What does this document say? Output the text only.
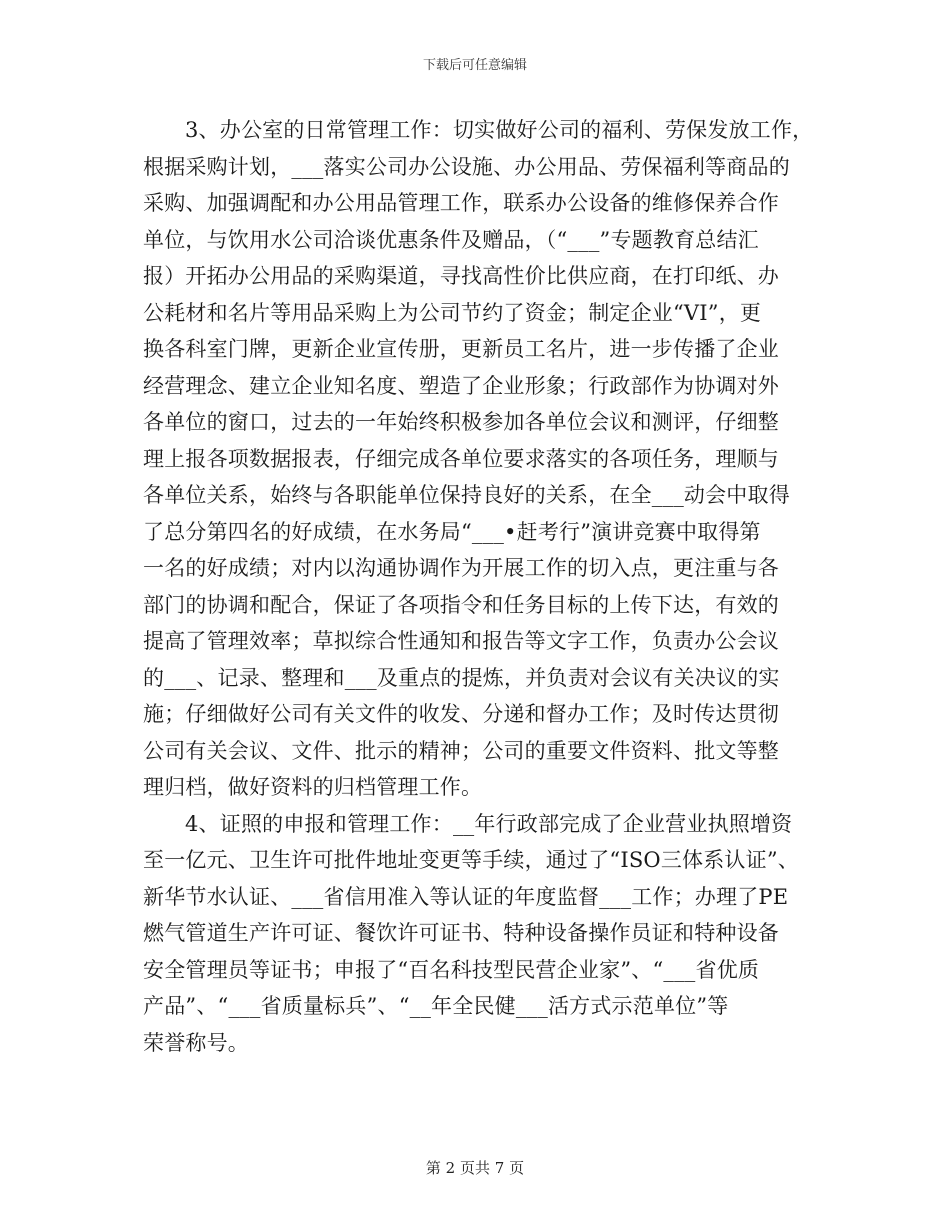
下载后可任意编辑
3、办公室的日常管理工作：切实做好公司的福利、劳保发放工作，
根据采购计划，___落实公司办公设施、办公用品、劳保福利等商品的
采购、加强调配和办公用品管理工作，联系办公设备的维修保养合作
单位，与饮用水公司洽谈优惠条件及赠品，（“___”专题教育总结汇
报）开拓办公用品的采购渠道，寻找高性价比供应商，在打印纸、办
公耗材和名片等用品采购上为公司节约了资金；制定企业“VI”，更
换各科室门牌，更新企业宣传册，更新员工名片，进一步传播了企业
经营理念、建立企业知名度、塑造了企业形象；行政部作为协调对外
各单位的窗口，过去的一年始终积极参加各单位会议和测评，仔细整
理上报各项数据报表，仔细完成各单位要求落实的各项任务，理顺与
各单位关系，始终与各职能单位保持良好的关系，在全___动会中取得
了总分第四名的好成绩，在水务局“___•赶考行”演讲竞赛中取得第
一名的好成绩；对内以沟通协调作为开展工作的切入点，更注重与各
部门的协调和配合，保证了各项指令和任务目标的上传下达，有效的
提高了管理效率；草拟综合性通知和报告等文字工作，负责办公会议
的___、记录、整理和___及重点的提炼，并负责对会议有关决议的实
施；仔细做好公司有关文件的收发、分递和督办工作；及时传达贯彻
公司有关会议、文件、批示的精神；公司的重要文件资料、批文等整
理归档，做好资料的归档管理工作。
4、证照的申报和管理工作：__年行政部完成了企业营业执照增资
至一亿元、卫生许可批件地址变更等手续，通过了“ISO三体系认证”、
新华节水认证、___省信用准入等认证的年度监督___工作；办理了PE
燃气管道生产许可证、餐饮许可证书、特种设备操作员证和特种设备
安全管理员等证书；申报了“百名科技型民营企业家”、“___省优质
产品”、“___省质量标兵”、“__年全民健___活方式示范单位”等
荣誉称号。
第 2 页共 7 页
